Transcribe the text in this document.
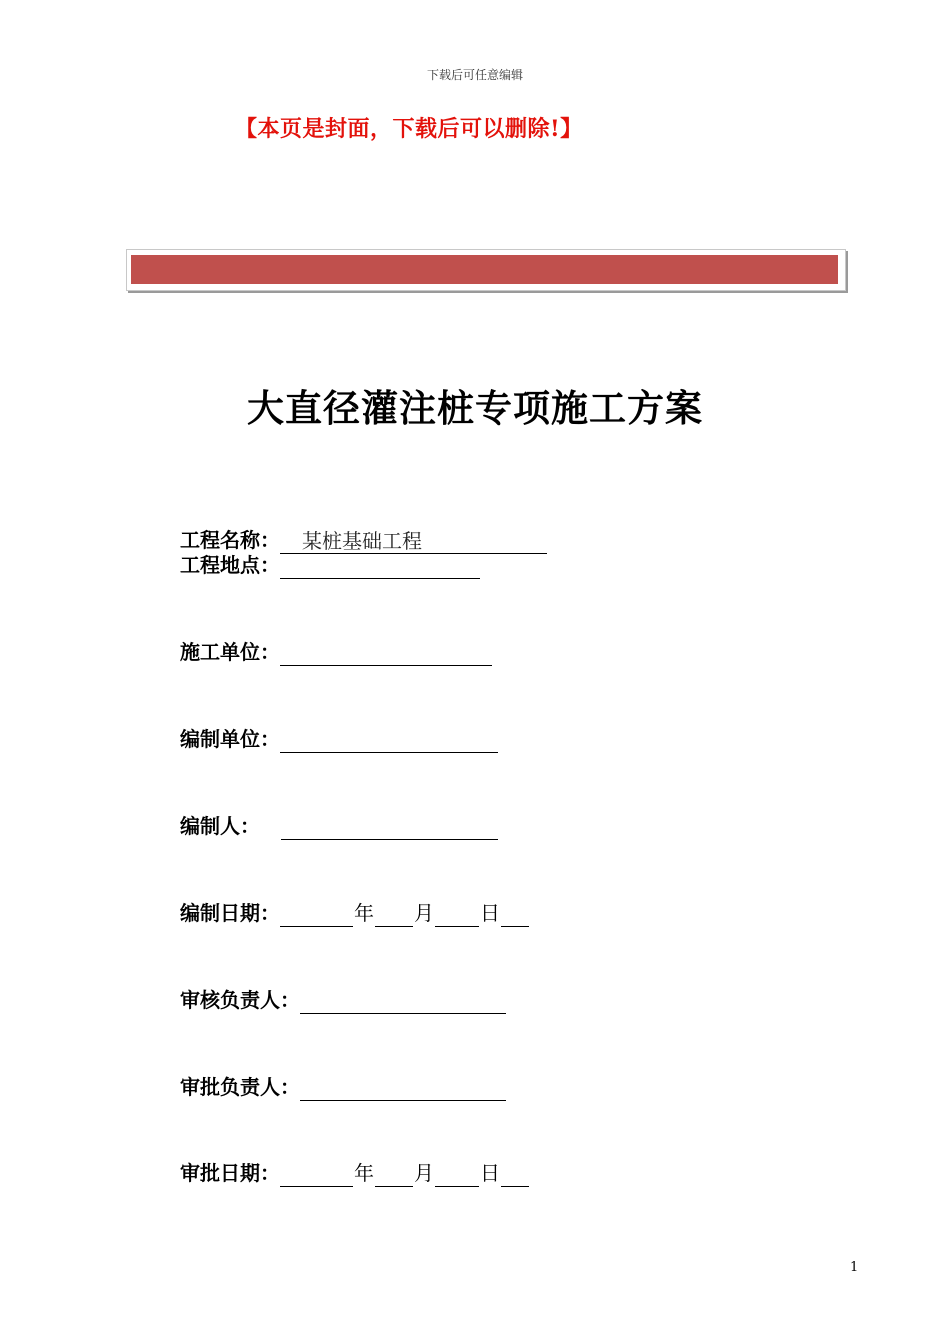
下载后可任意编辑
【本页是封面，下载后可以删除!】
大直径灌注桩专项施工方案
工程名称： 某桩基础工程
工程地点：
施工单位：
编制单位：
编制人：
编制日期：	年 月 日
审核负责人：
审批负责人：
审批日期：	年 月 日
1
